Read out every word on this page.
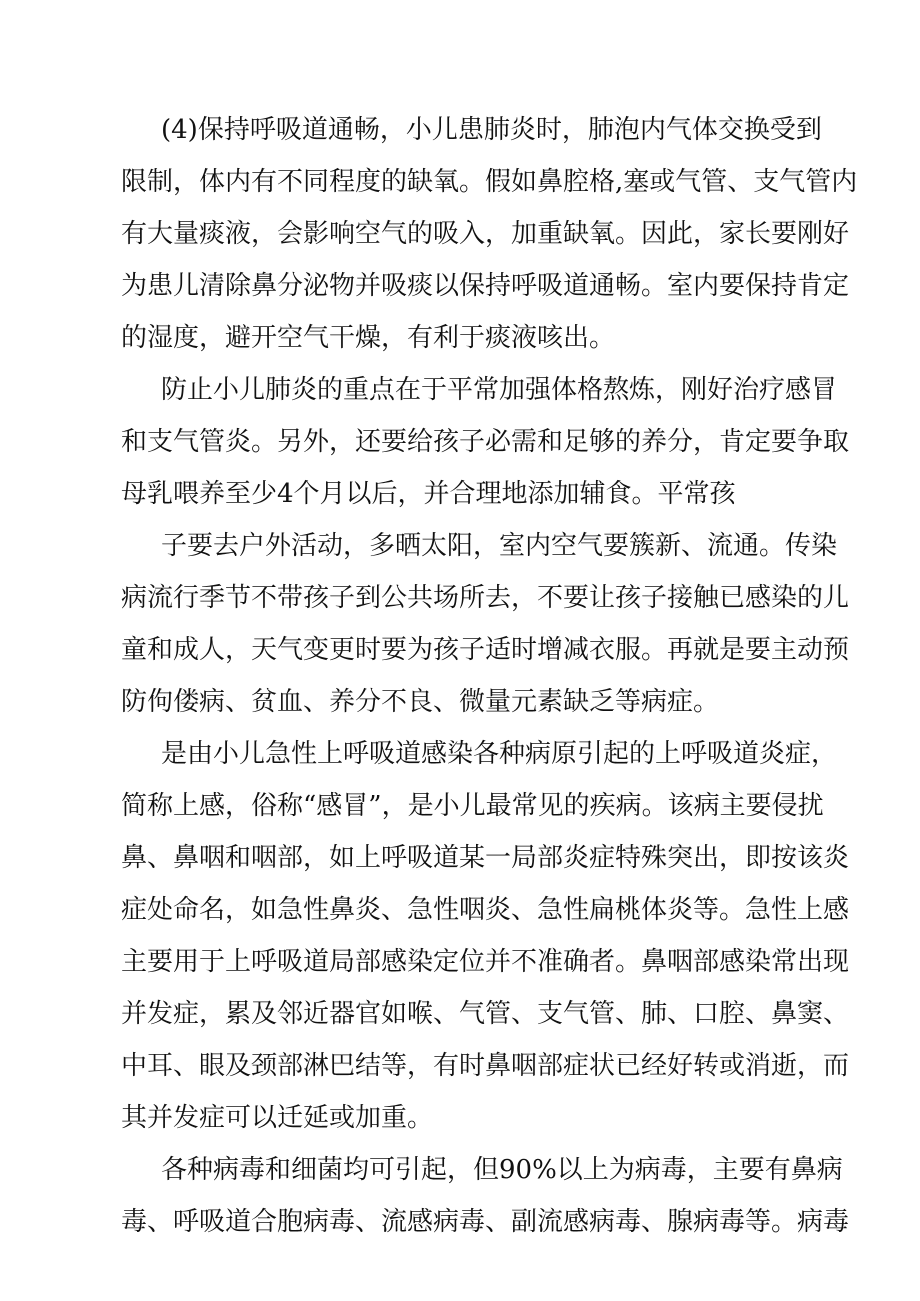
(4)保持呼吸道通畅，小儿患肺炎时，肺泡内气体交换受到
限制，体内有不同程度的缺氧。假如鼻腔格,塞或气管、支气管内
有大量痰液，会影响空气的吸入，加重缺氧。因此，家长要刚好
为患儿清除鼻分泌物并吸痰以保持呼吸道通畅。室内要保持肯定
的湿度，避开空气干燥，有利于痰液咳出。
防止小儿肺炎的重点在于平常加强体格熬炼，刚好治疗感冒
和支气管炎。另外，还要给孩子必需和足够的养分，肯定要争取
母乳喂养至少4个月以后，并合理地添加辅食。平常孩
子要去户外活动，多晒太阳，室内空气要簇新、流通。传染
病流行季节不带孩子到公共场所去，不要让孩子接触已感染的儿
童和成人，天气变更时要为孩子适时增减衣服。再就是要主动预
防佝偻病、贫血、养分不良、微量元素缺乏等病症。
是由小儿急性上呼吸道感染各种病原引起的上呼吸道炎症，
简称上感，俗称“感冒”，是小儿最常见的疾病。该病主要侵扰
鼻、鼻咽和咽部，如上呼吸道某一局部炎症特殊突出，即按该炎
症处命名，如急性鼻炎、急性咽炎、急性扁桃体炎等。急性上感
主要用于上呼吸道局部感染定位并不准确者。鼻咽部感染常出现
并发症，累及邻近器官如喉、气管、支气管、肺、口腔、鼻窦、
中耳、眼及颈部淋巴结等，有时鼻咽部症状已经好转或消逝，而
其并发症可以迁延或加重。
各种病毒和细菌均可引起，但90%以上为病毒，主要有鼻病
毒、呼吸道合胞病毒、流感病毒、副流感病毒、腺病毒等。病毒
